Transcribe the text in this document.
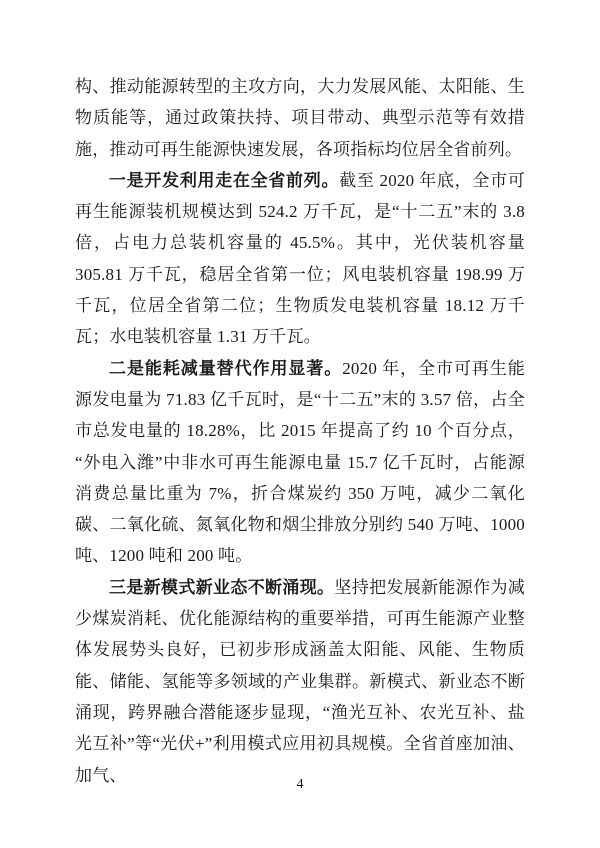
构、推动能源转型的主攻方向，大力发展风能、太阳能、生物质能等，通过政策扶持、项目带动、典型示范等有效措施，推动可再生能源快速发展，各项指标均位居全省前列。

一是开发利用走在全省前列。截至 2020 年底，全市可再生能源装机规模达到 524.2 万千瓦，是“十二五”末的 3.8 倍，占电力总装机容量的 45.5%。其中，光伏装机容量 305.81 万千瓦，稳居全省第一位；风电装机容量 198.99 万千瓦，位居全省第二位；生物质发电装机容量 18.12 万千瓦；水电装机容量 1.31 万千瓦。

二是能耗减量替代作用显著。2020 年，全市可再生能源发电量为 71.83 亿千瓦时，是“十二五”末的 3.57 倍，占全市总发电量的 18.28%，比 2015 年提高了约 10 个百分点，“外电入潍”中非水可再生能源电量 15.7 亿千瓦时，占能源消费总量比重为 7%，折合煤炭约 350 万吨，减少二氧化碳、二氧化硫、氮氧化物和烟尘排放分别约 540 万吨、1000 吨、1200 吨和 200 吨。

三是新模式新业态不断涌现。坚持把发展新能源作为减少煤炭消耗、优化能源结构的重要举措，可再生能源产业整体发展势头良好，已初步形成涵盖太阳能、风能、生物质能、储能、氢能等多领域的产业集群。新模式、新业态不断涌现，跨界融合潜能逐步显现，“渔光互补、农光互补、盐光互补”等“光伏+”利用模式应用初具规模。全省首座加油、加气、	4
